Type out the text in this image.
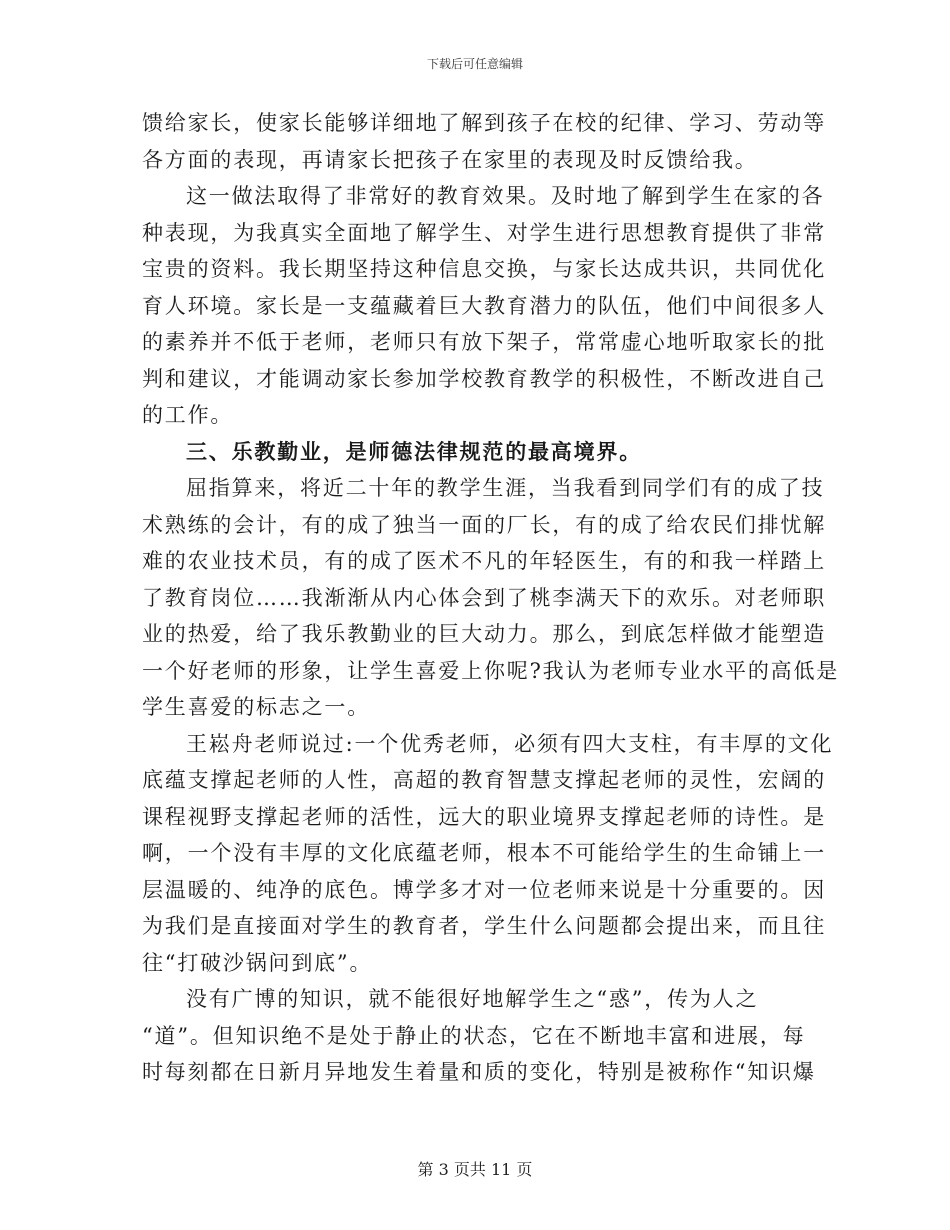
下载后可任意编辑
馈给家长，使家长能够详细地了解到孩子在校的纪律、学习、劳动等
各方面的表现，再请家长把孩子在家里的表现及时反馈给我。
这一做法取得了非常好的教育效果。及时地了解到学生在家的各
种表现，为我真实全面地了解学生、对学生进行思想教育提供了非常
宝贵的资料。我长期坚持这种信息交换，与家长达成共识，共同优化
育人环境。家长是一支蕴藏着巨大教育潜力的队伍，他们中间很多人
的素养并不低于老师，老师只有放下架子，常常虚心地听取家长的批
判和建议，才能调动家长参加学校教育教学的积极性，不断改进自己
的工作。
三、乐教勤业，是师德法律规范的最高境界。
屈指算来，将近二十年的教学生涯，当我看到同学们有的成了技
术熟练的会计，有的成了独当一面的厂长，有的成了给农民们排忧解
难的农业技术员，有的成了医术不凡的年轻医生，有的和我一样踏上
了教育岗位……我渐渐从内心体会到了桃李满天下的欢乐。对老师职
业的热爱，给了我乐教勤业的巨大动力。那么，到底怎样做才能塑造
一个好老师的形象，让学生喜爱上你呢?我认为老师专业水平的高低是
学生喜爱的标志之一。
王崧舟老师说过:一个优秀老师，必须有四大支柱，有丰厚的文化
底蕴支撑起老师的人性，高超的教育智慧支撑起老师的灵性，宏阔的
课程视野支撑起老师的活性，远大的职业境界支撑起老师的诗性。是
啊，一个没有丰厚的文化底蕴老师，根本不可能给学生的生命铺上一
层温暖的、纯净的底色。博学多才对一位老师来说是十分重要的。因
为我们是直接面对学生的教育者，学生什么问题都会提出来，而且往
往“打破沙锅问到底”。
没有广博的知识，就不能很好地解学生之“惑”，传为人之
“道”。但知识绝不是处于静止的状态，它在不断地丰富和进展，每
时每刻都在日新月异地发生着量和质的变化，特别是被称作“知识爆
第 3 页共 11 页
